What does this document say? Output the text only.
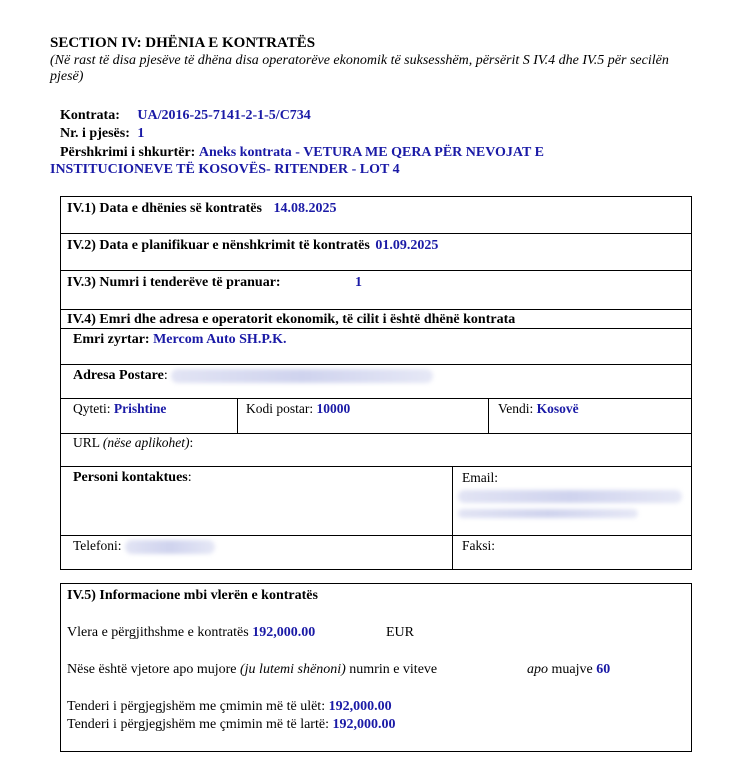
SECTION IV: DHËNIA E KONTRATËS
(Në rast të disa pjesëve të dhëna disa operatorëve ekonomik të suksesshëm, përsërit S IV.4 dhe IV.5 për secilën pjesë)
Kontrata: UA/2016-25-7141-2-1-5/C734
Nr. i pjesës: 1
Përshkrimi i shkurtër: Aneks kontrata - VETURA ME QERA PËR NEVOJAT E
INSTITUCIONEVE TË KOSOVËS- RITENDER - LOT 4
IV.1) Data e dhënies së kontratës 14.08.2025
IV.2) Data e planifikuar e nënshkrimit të kontratës 01.09.2025
IV.3) Numri i tenderëve të pranuar:	1
IV.4) Emri dhe adresa e operatorit ekonomik, të cilit i është dhënë kontrata
Emri zyrtar: Mercom Auto SH.P.K.
Adresa Postare:
Qyteti: Prishtine	Kodi postar: 10000	Vendi: Kosovë
URL (nëse aplikohet):
Personi kontaktues:	Email:
Telefoni:	Faksi:
IV.5) Informacione mbi vlerën e kontratës
Vlera e përgjithshme e kontratës 192,000.00	EUR
Nëse është vjetore apo mujore (ju lutemi shënoni) numrin e viteve	apo muajve 60
Tenderi i përgjegjshëm me çmimin më të ulët: 192,000.00
Tenderi i përgjegjshëm me çmimin më të lartë: 192,000.00
